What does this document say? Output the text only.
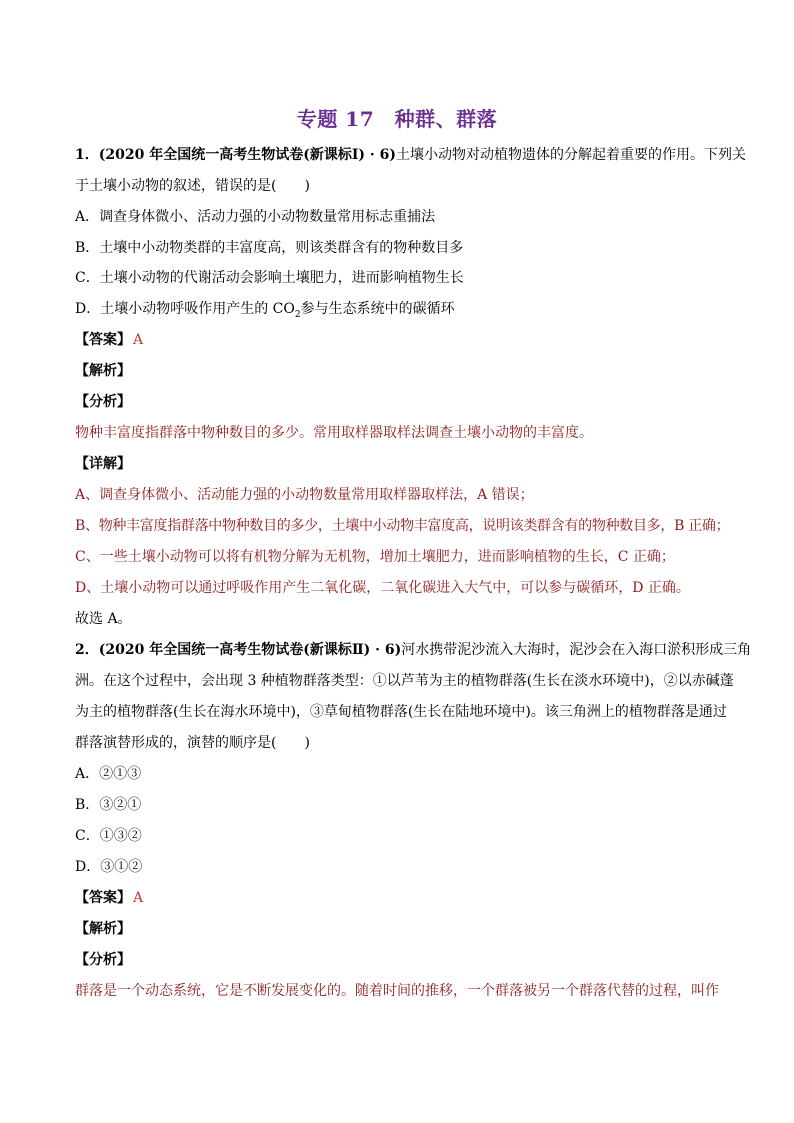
专题 17　种群、群落
1．(2020 年全国统一高考生物试卷(新课标Ⅰ) · 6)土壤小动物对动植物遗体的分解起着重要的作用。下列关
于土壤小动物的叙述，错误的是(　　)
A．调查身体微小、活动力强的小动物数量常用标志重捕法
B．土壤中小动物类群的丰富度高，则该类群含有的物种数目多
C．土壤小动物的代谢活动会影响土壤肥力，进而影响植物生长
D．土壤小动物呼吸作用产生的 $CO_2$参与生态系统中的碳循环
【答案】 A
【解析】
【分析】
物种丰富度指群落中物种数目的多少。常用取样器取样法调查土壤小动物的丰富度。
【详解】
A、调查身体微小、活动能力强的小动物数量常用取样器取样法，A 错误；
B、物种丰富度指群落中物种数目的多少，土壤中小动物丰富度高，说明该类群含有的物种数目多，B 正确；
C、一些土壤小动物可以将有机物分解为无机物，增加土壤肥力，进而影响植物的生长，C 正确；
D、土壤小动物可以通过呼吸作用产生二氧化碳，二氧化碳进入大气中，可以参与碳循环，D 正确。
故选 A。
2．(2020 年全国统一高考生物试卷(新课标Ⅱ) · 6)河水携带泥沙流入大海时，泥沙会在入海口淤积形成三角
洲。在这个过程中，会出现 3 种植物群落类型：①以芦苇为主的植物群落(生长在淡水环境中)，②以赤碱蓬
为主的植物群落(生长在海水环境中)，③草甸植物群落(生长在陆地环境中)。该三角洲上的植物群落是通过
群落演替形成的，演替的顺序是(　　)
A．②①③
B．③②①
C．①③②
D．③①②
【答案】 A
【解析】
【分析】
群落是一个动态系统，它是不断发展变化的。随着时间的推移，一个群落被另一个群落代替的过程，叫作
